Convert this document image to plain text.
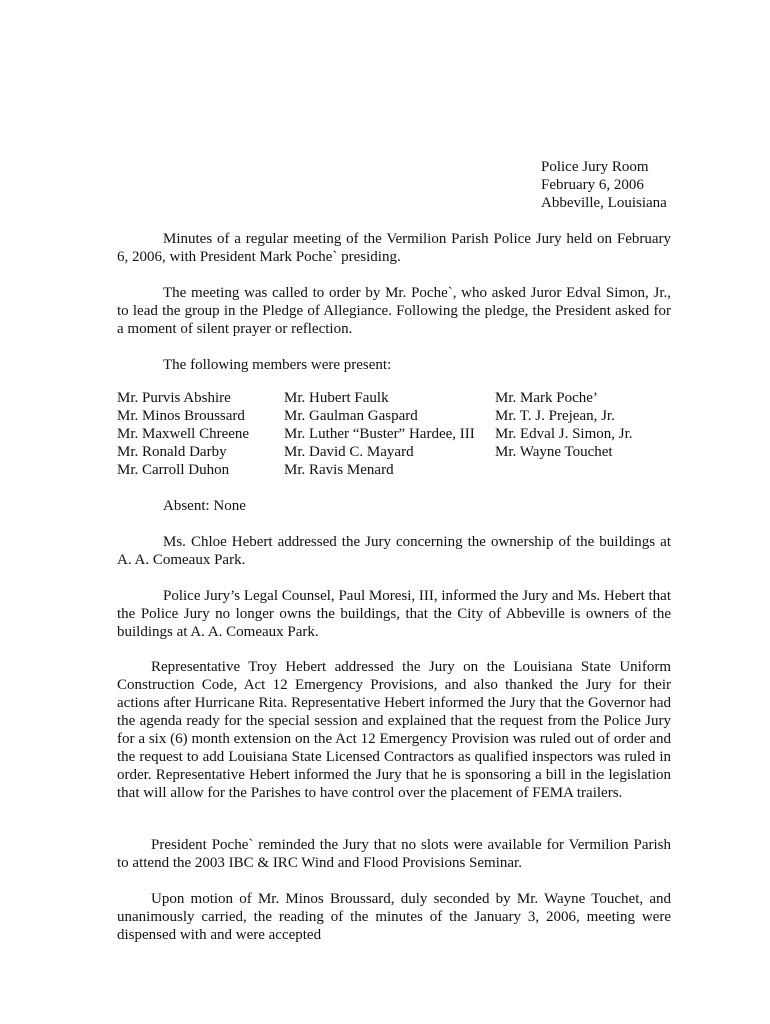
Police Jury Room
February 6, 2006
Abbeville, Louisiana

Minutes of a regular meeting of the Vermilion Parish Police Jury held on February 6, 2006, with President Mark Poche` presiding.

The meeting was called to order by Mr. Poche`, who asked Juror Edval Simon, Jr., to lead the group in the Pledge of Allegiance. Following the pledge, the President asked for a moment of silent prayer or reflection.

The following members were present:

Mr. Purvis Abshire
Mr. Minos Broussard
Mr. Maxwell Chreene
Mr. Ronald Darby
Mr. Carroll Duhon
Mr. Hubert Faulk
Mr. Gaulman Gaspard
Mr. Luther “Buster” Hardee, III
Mr. David C. Mayard
Mr. Ravis Menard
Mr. Mark Poche’
Mr. T. J. Prejean, Jr.
Mr. Edval J. Simon, Jr.
Mr. Wayne Touchet

Absent: None

Ms. Chloe Hebert addressed the Jury concerning the ownership of the buildings at A. A. Comeaux Park.

Police Jury’s Legal Counsel, Paul Moresi, III, informed the Jury and Ms. Hebert that the Police Jury no longer owns the buildings, that the City of Abbeville is owners of the buildings at A. A. Comeaux Park.

Representative Troy Hebert addressed the Jury on the Louisiana State Uniform Construction Code, Act 12 Emergency Provisions, and also thanked the Jury for their actions after Hurricane Rita. Representative Hebert informed the Jury that the Governor had the agenda ready for the special session and explained that the request from the Police Jury for a six (6) month extension on the Act 12 Emergency Provision was ruled out of order and the request to add Louisiana State Licensed Contractors as qualified inspectors was ruled in order. Representative Hebert informed the Jury that he is sponsoring a bill in the legislation that will allow for the Parishes to have control over the placement of FEMA trailers.

President Poche` reminded the Jury that no slots were available for Vermilion Parish to attend the 2003 IBC & IRC Wind and Flood Provisions Seminar.

Upon motion of Mr. Minos Broussard, duly seconded by Mr. Wayne Touchet, and unanimously carried, the reading of the minutes of the January 3, 2006, meeting were dispensed with and were accepted
